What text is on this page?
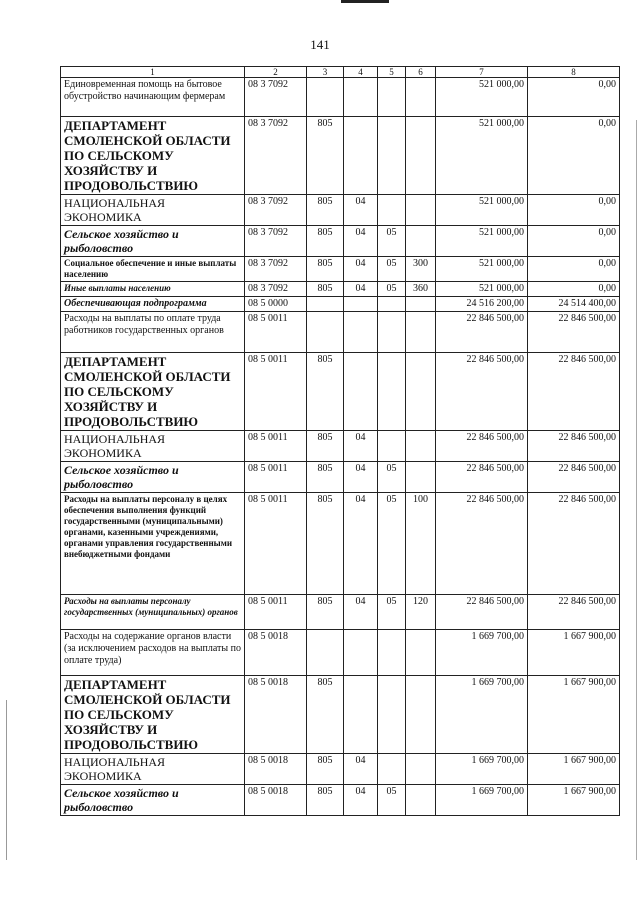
141
1	2	3	4	5	6	7	8
Единовременная помощь на бытовое обустройство начинающим фермерам	08 3 7092					521 000,00	0,00
ДЕПАРТАМЕНТ СМОЛЕНСКОЙ ОБЛАСТИ ПО СЕЛЬСКОМУ ХОЗЯЙСТВУ И ПРОДОВОЛЬСТВИЮ	08 3 7092	805				521 000,00	0,00
НАЦИОНАЛЬНАЯ ЭКОНОМИКА	08 3 7092	805	04			521 000,00	0,00
Сельское хозяйство и рыболовство	08 3 7092	805	04	05		521 000,00	0,00
Социальное обеспечение и иные выплаты населению	08 3 7092	805	04	05	300	521 000,00	0,00
Иные выплаты населению	08 3 7092	805	04	05	360	521 000,00	0,00
Обеспечивающая подпрограмма	08 5 0000					24 516 200,00	24 514 400,00
Расходы на выплаты по оплате труда работников государственных органов	08 5 0011					22 846 500,00	22 846 500,00
ДЕПАРТАМЕНТ СМОЛЕНСКОЙ ОБЛАСТИ ПО СЕЛЬСКОМУ ХОЗЯЙСТВУ И ПРОДОВОЛЬСТВИЮ	08 5 0011	805				22 846 500,00	22 846 500,00
НАЦИОНАЛЬНАЯ ЭКОНОМИКА	08 5 0011	805	04			22 846 500,00	22 846 500,00
Сельское хозяйство и рыболовство	08 5 0011	805	04	05		22 846 500,00	22 846 500,00
Расходы на выплаты персоналу в целях обеспечения выполнения функций государственными (муниципальными) органами, казенными учреждениями, органами управления государственными внебюджетными фондами	08 5 0011	805	04	05	100	22 846 500,00	22 846 500,00
Расходы на выплаты персоналу государственных (муниципальных) органов	08 5 0011	805	04	05	120	22 846 500,00	22 846 500,00
Расходы на содержание органов власти (за исключением расходов на выплаты по оплате труда)	08 5 0018					1 669 700,00	1 667 900,00
ДЕПАРТАМЕНТ СМОЛЕНСКОЙ ОБЛАСТИ ПО СЕЛЬСКОМУ ХОЗЯЙСТВУ И ПРОДОВОЛЬСТВИЮ	08 5 0018	805				1 669 700,00	1 667 900,00
НАЦИОНАЛЬНАЯ ЭКОНОМИКА	08 5 0018	805	04			1 669 700,00	1 667 900,00
Сельское хозяйство и рыболовство	08 5 0018	805	04	05		1 669 700,00	1 667 900,00
